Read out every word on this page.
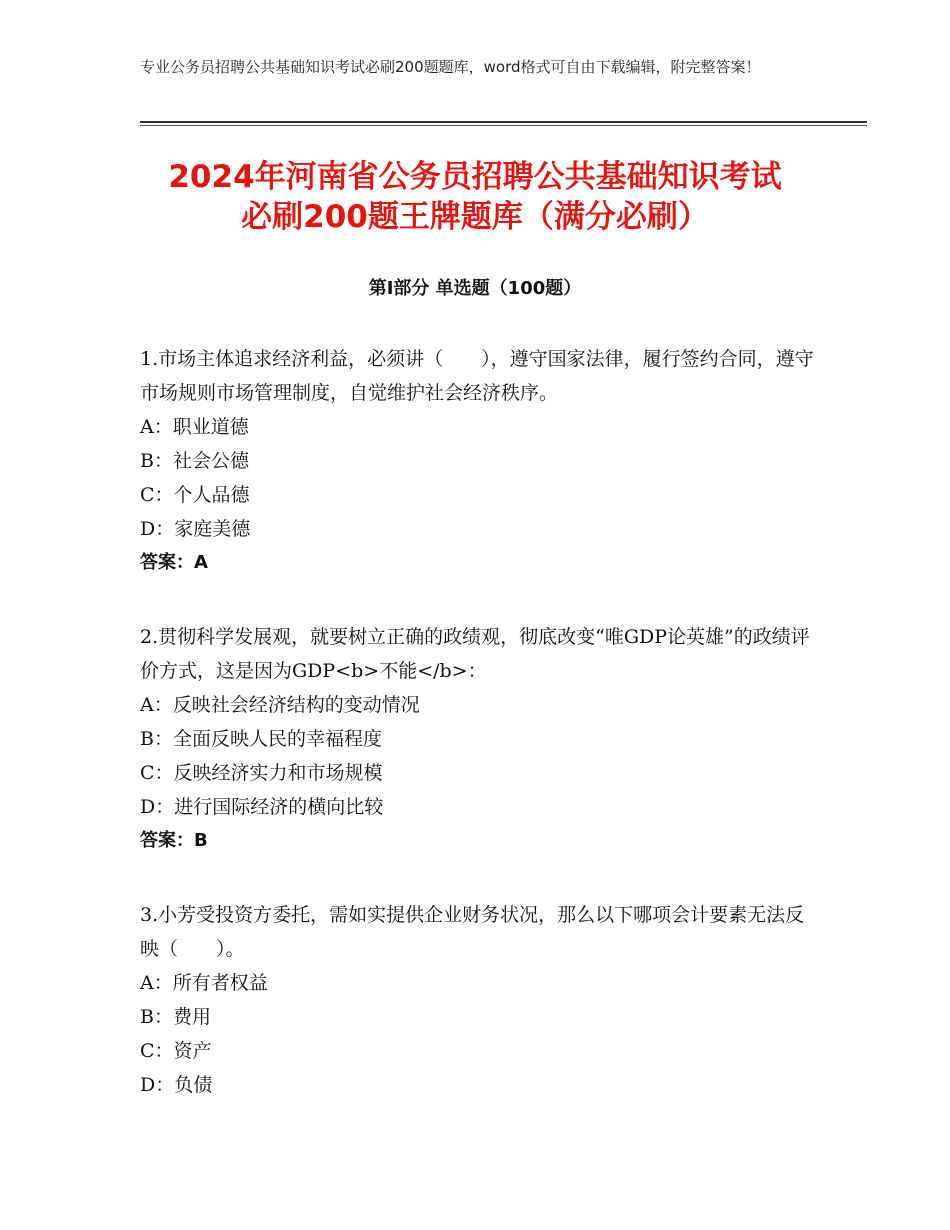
专业公务员招聘公共基础知识考试必刷200题题库，word格式可自由下载编辑，附完整答案！
2024年河南省公务员招聘公共基础知识考试
必刷200题王牌题库（满分必刷）
第Ⅰ部分 单选题（100题）

1.市场主体追求经济利益，必须讲（　　），遵守国家法律，履行签约合同，遵守市场规则市场管理制度，自觉维护社会经济秩序。

A：职业道德

B：社会公德

C：个人品德

D：家庭美德

答案：A

2.贯彻科学发展观，就要树立正确的政绩观，彻底改变“唯GDP论英雄”的政绩评价方式，这是因为GDP<b>不能</b>：

A：反映社会经济结构的变动情况

B：全面反映人民的幸福程度

C：反映经济实力和市场规模

D：进行国际经济的横向比较

答案：B

3.小芳受投资方委托，需如实提供企业财务状况，那么以下哪项会计要素无法反映（　　）。

A：所有者权益

B：费用

C：资产

D：负债
